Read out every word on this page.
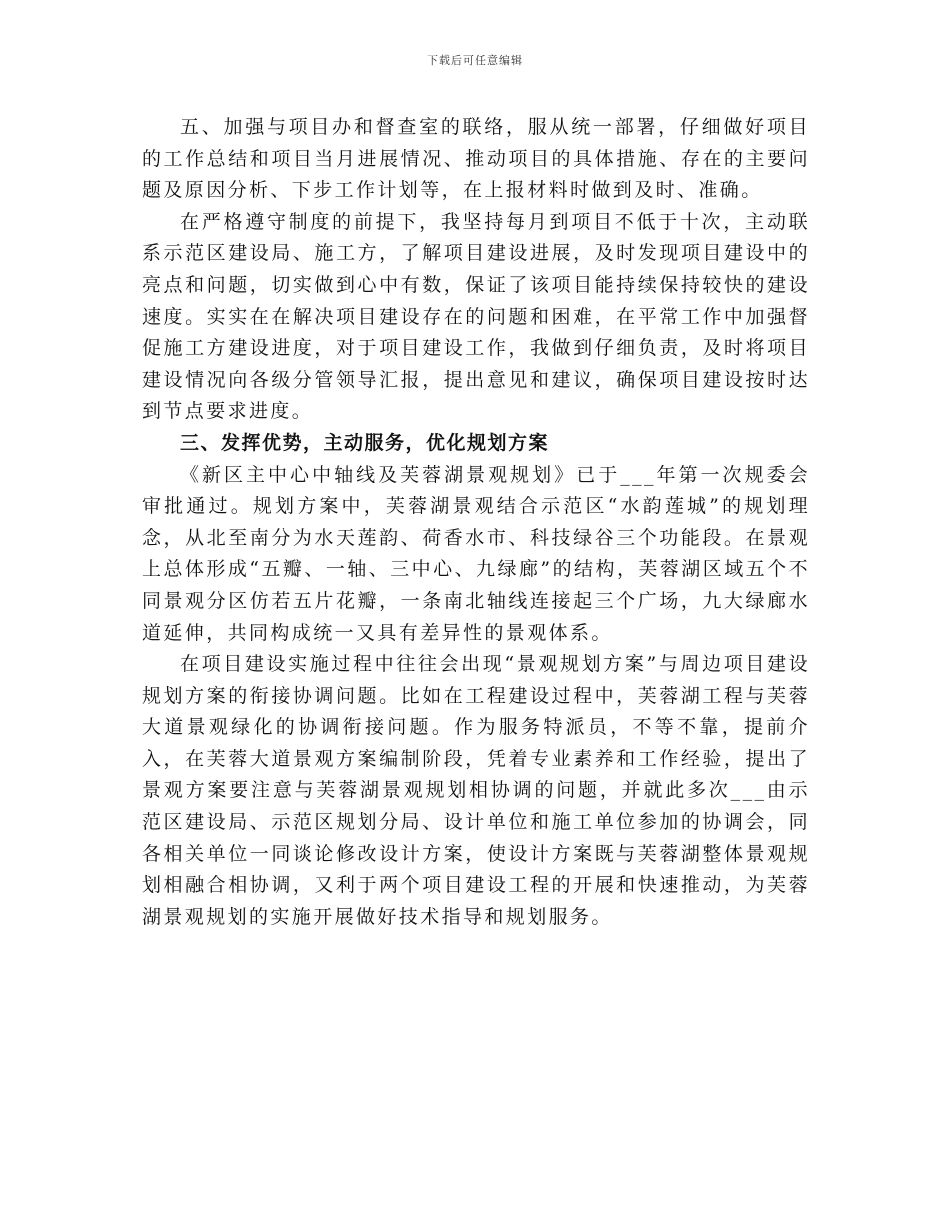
下载后可任意编辑

五、加强与项目办和督查室的联络，服从统一部署，仔细做好项目的工作总结和项目当月进展情况、推动项目的具体措施、存在的主要问题及原因分析、下步工作计划等，在上报材料时做到及时、准确。

在严格遵守制度的前提下，我坚持每月到项目不低于十次，主动联系示范区建设局、施工方，了解项目建设进展，及时发现项目建设中的亮点和问题，切实做到心中有数，保证了该项目能持续保持较快的建设速度。实实在在解决项目建设存在的问题和困难，在平常工作中加强督促施工方建设进度，对于项目建设工作，我做到仔细负责，及时将项目建设情况向各级分管领导汇报，提出意见和建议，确保项目建设按时达到节点要求进度。

三、发挥优势，主动服务，优化规划方案

《新区主中心中轴线及芙蓉湖景观规划》已于___年第一次规委会审批通过。规划方案中，芙蓉湖景观结合示范区“水韵莲城”的规划理念，从北至南分为水天莲韵、荷香水市、科技绿谷三个功能段。在景观上总体形成“五瓣、一轴、三中心、九绿廊”的结构，芙蓉湖区域五个不同景观分区仿若五片花瓣，一条南北轴线连接起三个广场，九大绿廊水道延伸，共同构成统一又具有差异性的景观体系。

在项目建设实施过程中往往会出现“景观规划方案”与周边项目建设规划方案的衔接协调问题。比如在工程建设过程中，芙蓉湖工程与芙蓉大道景观绿化的协调衔接问题。作为服务特派员，不等不靠，提前介入，在芙蓉大道景观方案编制阶段，凭着专业素养和工作经验，提出了景观方案要注意与芙蓉湖景观规划相协调的问题，并就此多次___由示范区建设局、示范区规划分局、设计单位和施工单位参加的协调会，同各相关单位一同谈论修改设计方案，使设计方案既与芙蓉湖整体景观规划相融合相协调，又利于两个项目建设工程的开展和快速推动，为芙蓉湖景观规划的实施开展做好技术指导和规划服务。
